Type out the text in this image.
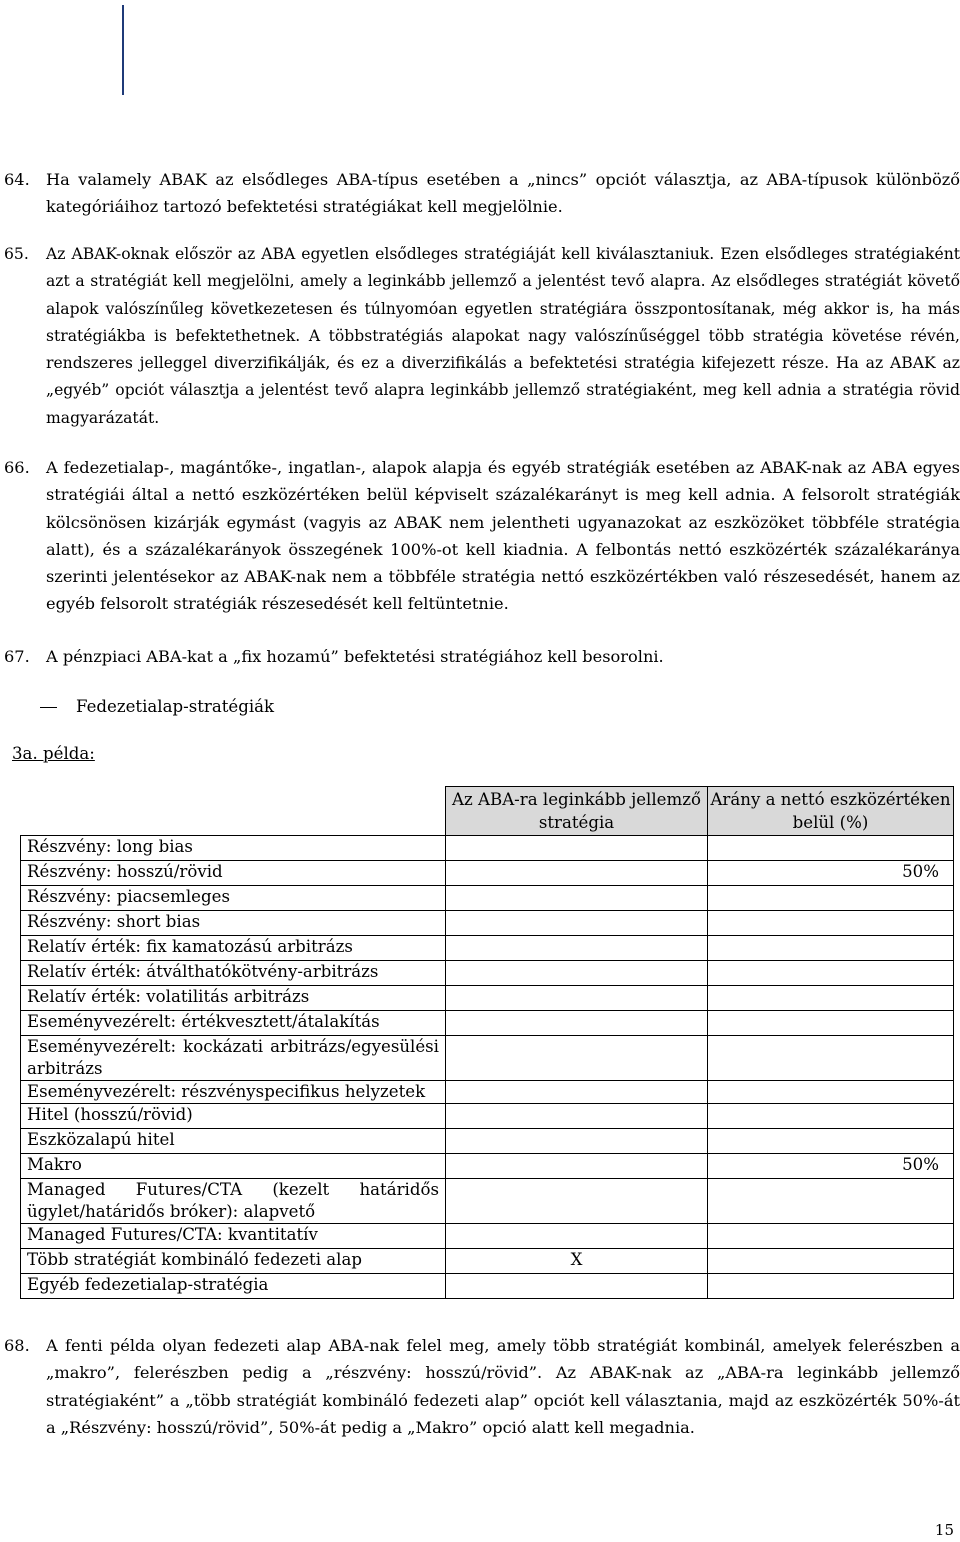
64. Ha valamely ABAK az elsődleges ABA-típus esetében a „nincs” opciót választja, az ABA-típusok különböző kategóriáihoz tartozó befektetési stratégiákat kell megjelölnie.
65. Az ABAK-oknak először az ABA egyetlen elsődleges stratégiáját kell kiválasztaniuk. Ezen elsődleges stratégiaként azt a stratégiát kell megjelölni, amely a leginkább jellemző a jelentést tevő alapra. Az elsődleges stratégiát követő alapok valószínűleg következetesen és túlnyomóan egyetlen stratégiára összpontosítanak, még akkor is, ha más stratégiákba is befektethetnek. A többstratégiás alapokat nagy valószínűséggel több stratégia követése révén, rendszeres jelleggel diverzifikálják, és ez a diverzifikálás a befektetési stratégia kifejezett része. Ha az ABAK az „egyéb” opciót választja a jelentést tevő alapra leginkább jellemző stratégiaként, meg kell adnia a stratégia rövid magyarázatát.
66. A fedezetialap-, magántőke-, ingatlan-, alapok alapja és egyéb stratégiák esetében az ABAK-nak az ABA egyes stratégiái által a nettó eszközértéken belül képviselt százalékarányt is meg kell adnia. A felsorolt stratégiák kölcsönösen kizárják egymást (vagyis az ABAK nem jelentheti ugyanazokat az eszközöket többféle stratégia alatt), és a százalékarányok összegének 100%-ot kell kiadnia. A felbontás nettó eszközérték százalékaránya szerinti jelentésekor az ABAK-nak nem a többféle stratégia nettó eszközértékben való részesedését, hanem az egyéb felsorolt stratégiák részesedését kell feltüntetnie.
67. A pénzpiaci ABA-kat a „fix hozamú” befektetési stratégiához kell besorolni.
Fedezetialap-stratégiák
3a. példa:
	Az ABA-ra leginkább jellemző stratégia	Arány a nettó eszközértéken belül (%)
Részvény: long bias		
Részvény: hosszú/rövid		50%
Részvény: piacsemleges		
Részvény: short bias		
Relatív érték: fix kamatozású arbitrázs		
Relatív érték: átválthatókötvény-arbitrázs		
Relatív érték: volatilitás arbitrázs		
Eseményvezérelt: értékvesztett/átalakítás		
Eseményvezérelt: kockázati arbitrázs/egyesülési arbitrázs		
Eseményvezérelt: részvényspecifikus helyzetek		
Hitel (hosszú/rövid)		
Eszközalapú hitel		
Makro		50%
Managed Futures/CTA (kezelt határidős ügylet/határidős bróker): alapvető		
Managed Futures/CTA: kvantitatív		
Több stratégiát kombináló fedezeti alap	X	
Egyéb fedezetialap-stratégia		
68. A fenti példa olyan fedezeti alap ABA-nak felel meg, amely több stratégiát kombinál, amelyek felerészben a „makro”, felerészben pedig a „részvény: hosszú/rövid”. Az ABAK-nak az „ABA-ra leginkább jellemző stratégiaként” a „több stratégiát kombináló fedezeti alap” opciót kell választania, majd az eszközérték 50%-át a „Részvény: hosszú/rövid”, 50%-át pedig a „Makro” opció alatt kell megadnia.
15
